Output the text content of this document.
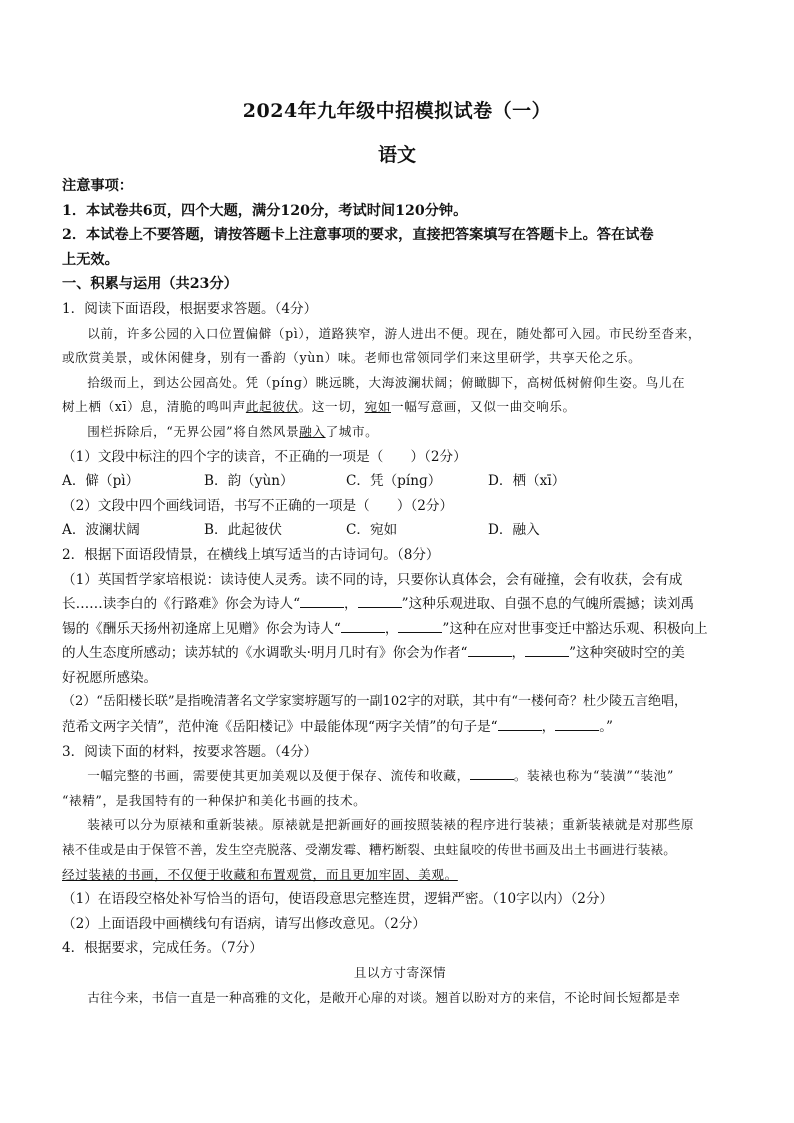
2024年九年级中招模拟试卷（一）
语文
注意事项：
1．本试卷共6页，四个大题，满分120分，考试时间120分钟。
2．本试卷上不要答题，请按答题卡上注意事项的要求，直接把答案填写在答题卡上。答在试卷
上无效。
一、积累与运用（共23分）
1．阅读下面语段，根据要求答题。（4分）
以前，许多公园的入口位置偏僻（pì），道路狭窄，游人进出不便。现在，随处都可入园。市民纷至沓来，
或欣赏美景，或休闲健身，别有一番韵（yùn）味。老师也常领同学们来这里研学，共享天伦之乐。
拾级而上，到达公园高处。凭（pínɡ）眺远眺，大海波澜状阔；俯瞰脚下，高树低树俯仰生姿。鸟儿在
树上栖（xī）息，清脆的鸣叫声此起彼伏。这一切，宛如一幅写意画，又似一曲交响乐。
围栏拆除后，“无界公园”将自然风景融入了城市。
（1）文段中标注的四个字的读音，不正确的一项是（　　）（2分）
A．僻（pì）	B．韵（yùn）	C．凭（pínɡ）	D．栖（xī）
（2）文段中四个画线词语，书写不正确的一项是（　　）（2分）
A．波澜状阔	B．此起彼伏	C．宛如	D．融入
2．根据下面语段情景，在横线上填写适当的古诗词句。（8分）
（1）英国哲学家培根说：读诗使人灵秀。读不同的诗，只要你认真体会，会有碰撞，会有收获，会有成
长……读李白的《行路难》你会为诗人“	，	”这种乐观进取、自强不息的气魄所震撼；读刘禹
锡的《酬乐天扬州初逢席上见赠》你会为诗人“	，	”这种在应对世事变迁中豁达乐观、积极向上
的人生态度所感动；读苏轼的《水调歌头·明月几时有》你会为作者“	，	”这种突破时空的美
好祝愿所感染。
（2）“岳阳楼长联”是指晚清著名文学家窦垿题写的一副102字的对联，其中有“一楼何奇？杜少陵五言绝唱，
范希文两字关情”，范仲淹《岳阳楼记》中最能体现“两字关情”的句子是“	，	。”
3．阅读下面的材料，按要求答题。（4分）
一幅完整的书画，需要使其更加美观以及便于保存、流传和收藏，	。装裱也称为“装潢”“装池”
“裱精”，是我国特有的一种保护和美化书画的技术。
装裱可以分为原裱和重新装裱。原裱就是把新画好的画按照装裱的程序进行装裱；重新装裱就是对那些原
裱不佳或是由于保管不善，发生空壳脱落、受潮发霉、糟朽断裂、虫蛀鼠咬的传世书画及出土书画进行装裱。
经过装裱的书画，不仅便于收藏和布置观赏，而且更加牢固、美观。
（1）在语段空格处补写恰当的语句，使语段意思完整连贯，逻辑严密。（10字以内）（2分）
（2）上面语段中画横线句有语病，请写出修改意见。（2分）
4．根据要求，完成任务。（7分）
且以方寸寄深情
古往今来，书信一直是一种高雅的文化，是敞开心扉的对谈。翘首以盼对方的来信，不论时间长短都是幸
